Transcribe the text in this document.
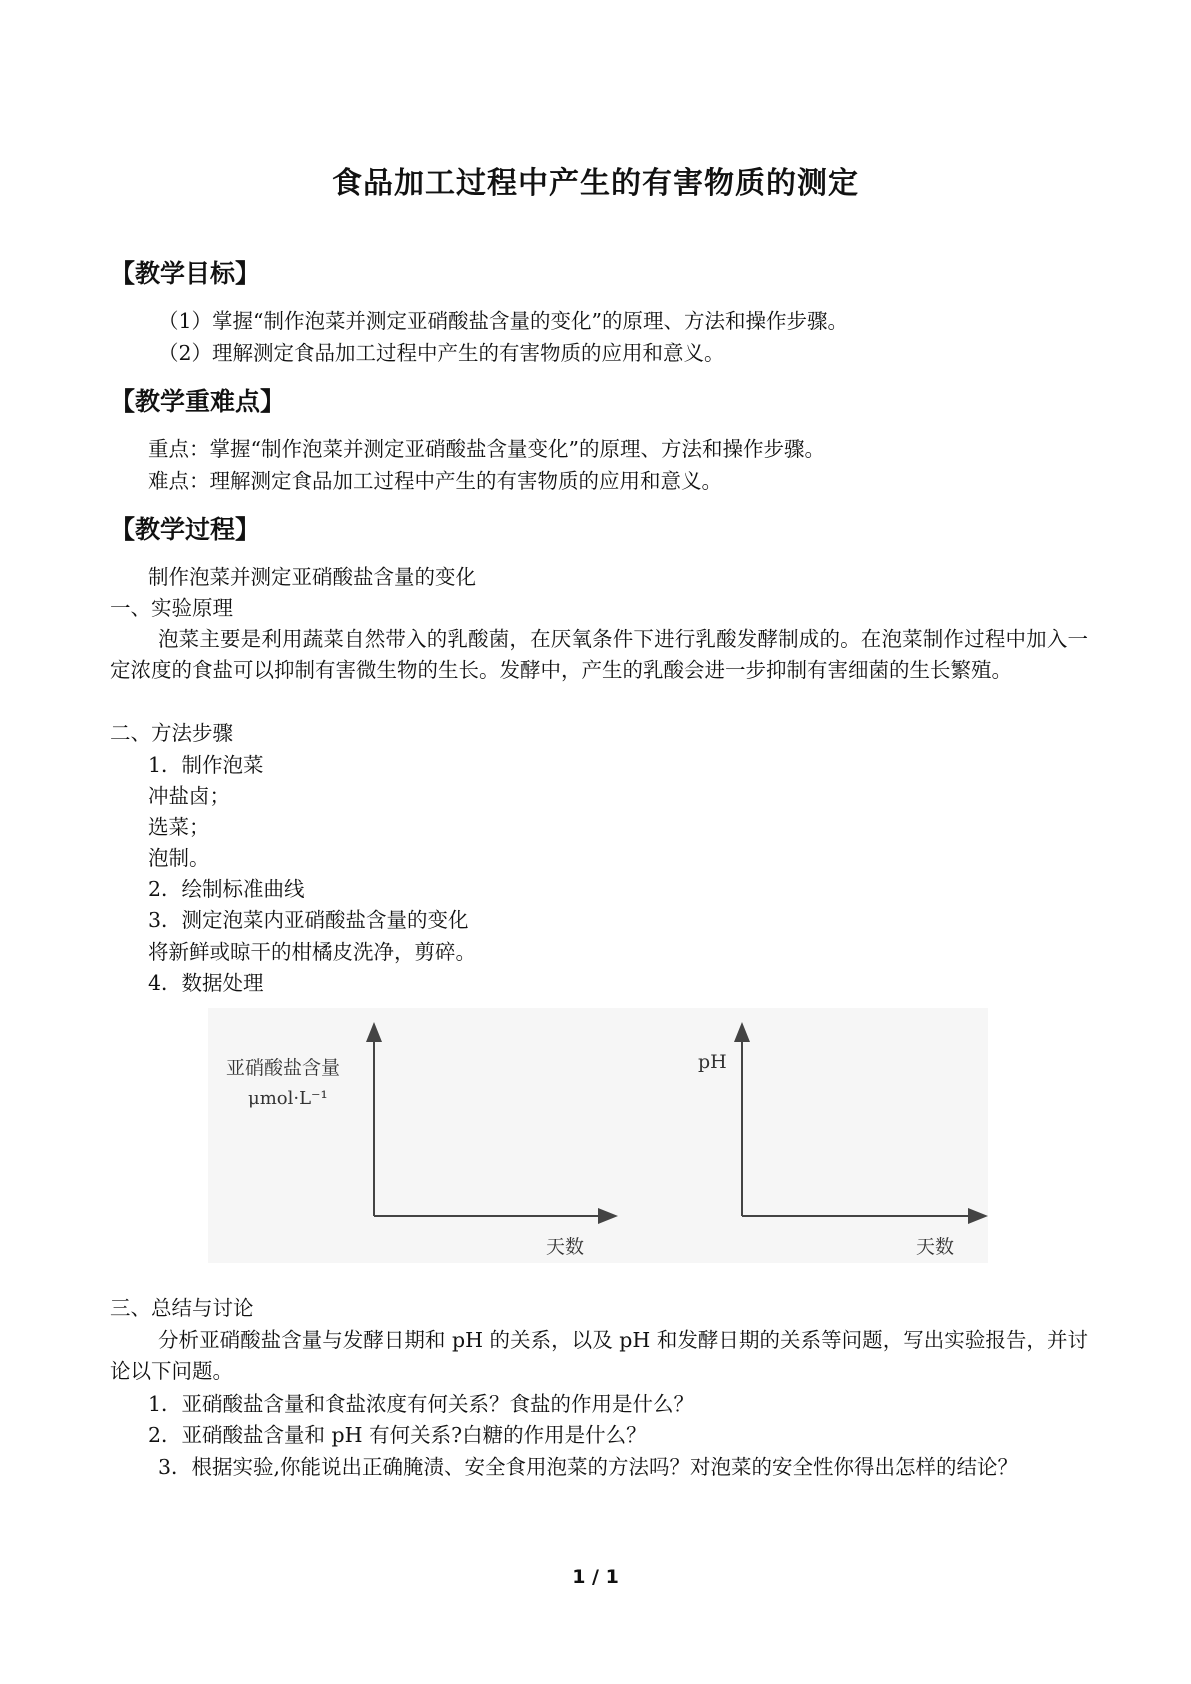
食品加工过程中产生的有害物质的测定
【教学目标】
（1）掌握“制作泡菜并测定亚硝酸盐含量的变化”的原理、方法和操作步骤。
（2）理解测定食品加工过程中产生的有害物质的应用和意义。
【教学重难点】
重点：掌握“制作泡菜并测定亚硝酸盐含量变化”的原理、方法和操作步骤。
难点：理解测定食品加工过程中产生的有害物质的应用和意义。
【教学过程】
制作泡菜并测定亚硝酸盐含量的变化
一、实验原理
泡菜主要是利用蔬菜自然带入的乳酸菌，在厌氧条件下进行乳酸发酵制成的。在泡菜制作过程中加入一定浓度的食盐可以抑制有害微生物的生长。发酵中，产生的乳酸会进一步抑制有害细菌的生长繁殖。
二、方法步骤
1．制作泡菜
冲盐卤；
选菜；
泡制。
2．绘制标准曲线
3．测定泡菜内亚硝酸盐含量的变化
将新鲜或晾干的柑橘皮洗净，剪碎。
4．数据处理
亚硝酸盐含量
μmol·L⁻¹
天数
pH
天数
三、总结与讨论
分析亚硝酸盐含量与发酵日期和 pH 的关系，以及 pH 和发酵日期的关系等问题，写出实验报告，并讨论以下问题。
1．亚硝酸盐含量和食盐浓度有何关系？食盐的作用是什么？
2．亚硝酸盐含量和 pH 有何关系?白糖的作用是什么？
3．根据实验,你能说出正确腌渍、安全食用泡菜的方法吗？对泡菜的安全性你得出怎样的结论？
1 / 1
